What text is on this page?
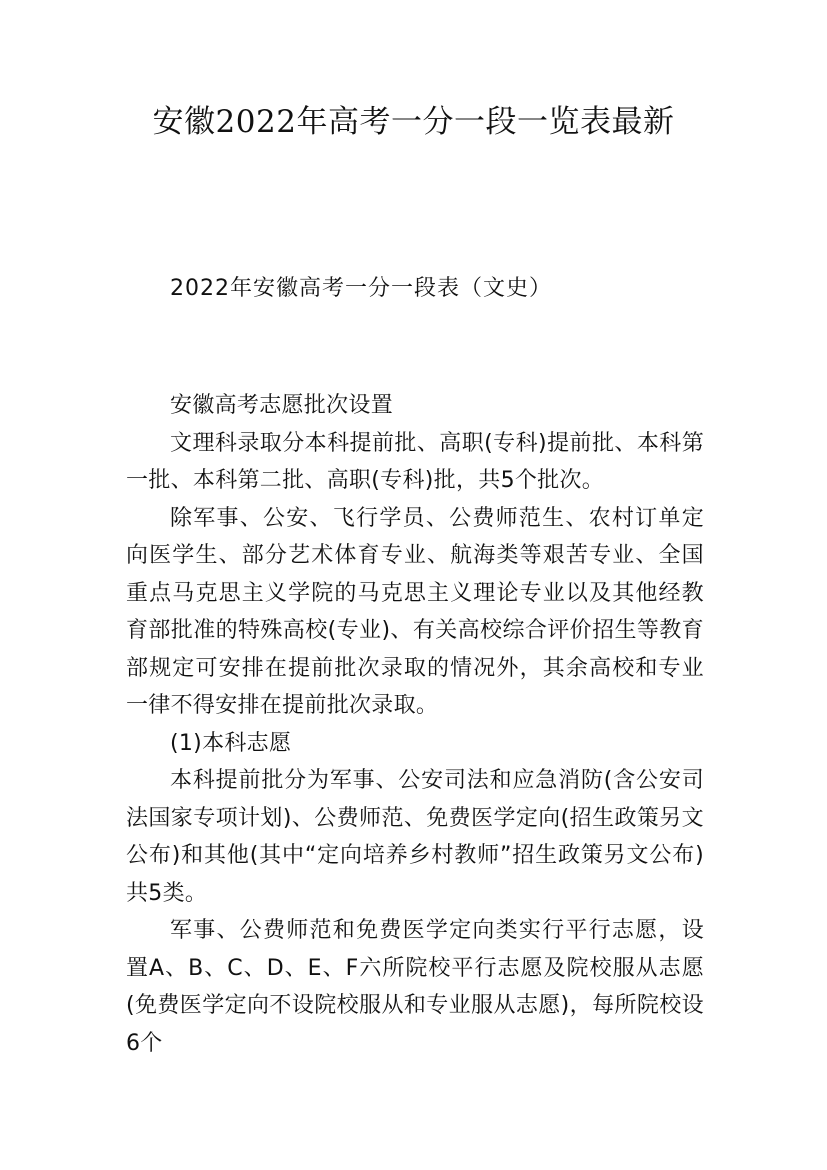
安徽2022年高考一分一段一览表最新

2022年安徽高考一分一段表（文史）

安徽高考志愿批次设置

文理科录取分本科提前批、高职(专科)提前批、本科第一批、本科第二批、高职(专科)批，共5个批次。

除军事、公安、飞行学员、公费师范生、农村订单定向医学生、部分艺术体育专业、航海类等艰苦专业、全国重点马克思主义学院的马克思主义理论专业以及其他经教育部批准的特殊高校(专业)、有关高校综合评价招生等教育部规定可安排在提前批次录取的情况外，其余高校和专业一律不得安排在提前批次录取。

(1)本科志愿

本科提前批分为军事、公安司法和应急消防(含公安司法国家专项计划)、公费师范、免费医学定向(招生政策另文公布)和其他(其中“定向培养乡村教师”招生政策另文公布)共5类。

军事、公费师范和免费医学定向类实行平行志愿，设置A、B、C、D、E、F六所院校平行志愿及院校服从志愿(免费医学定向不设院校服从和专业服从志愿)，每所院校设6个
